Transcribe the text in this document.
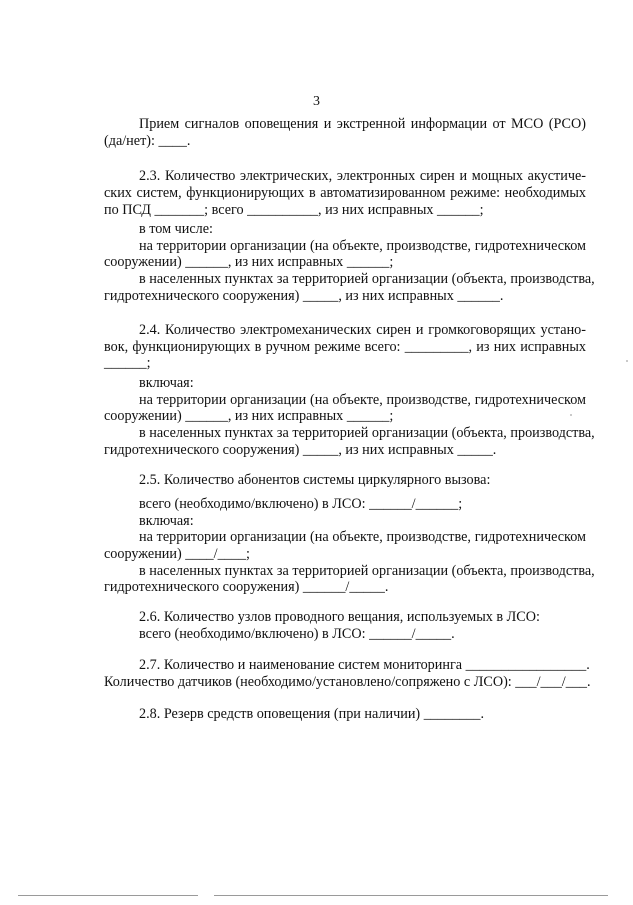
3
Прием сигналов оповещения и экстренной информации от МСО (РСО)
(да/нет): ____.
2.3. Количество электрических, электронных сирен и мощных акустиче-
ских систем, функционирующих в автоматизированном режиме: необходимых
по ПСД _______; всего __________, из них исправных ______;
в том числе:
на территории организации (на объекте, производстве, гидротехническом
сооружении) ______, из них исправных ______;
в населенных пунктах за территорией организации (объекта, производства,
гидротехнического сооружения) _____, из них исправных ______.
2.4. Количество электромеханических сирен и громкоговорящих устано-
вок, функционирующих в ручном режиме всего: _________, из них исправных
______;
включая:
на территории организации (на объекте, производстве, гидротехническом
сооружении) ______, из них исправных ______;
в населенных пунктах за территорией организации (объекта, производства,
гидротехнического сооружения) _____, из них исправных _____.
2.5. Количество абонентов системы циркулярного вызова:
всего (необходимо/включено) в ЛСО: ______/______;
включая:
на территории организации (на объекте, производстве, гидротехническом
сооружении) ____/____;
в населенных пунктах за территорией организации (объекта, производства,
гидротехнического сооружения) ______/_____.
2.6. Количество узлов проводного вещания, используемых в ЛСО:
всего (необходимо/включено) в ЛСО: ______/_____.
2.7. Количество и наименование систем мониторинга _________________.
Количество датчиков (необходимо/установлено/сопряжено с ЛСО): ___/___/___.
2.8. Резерв средств оповещения (при наличии) ________.
